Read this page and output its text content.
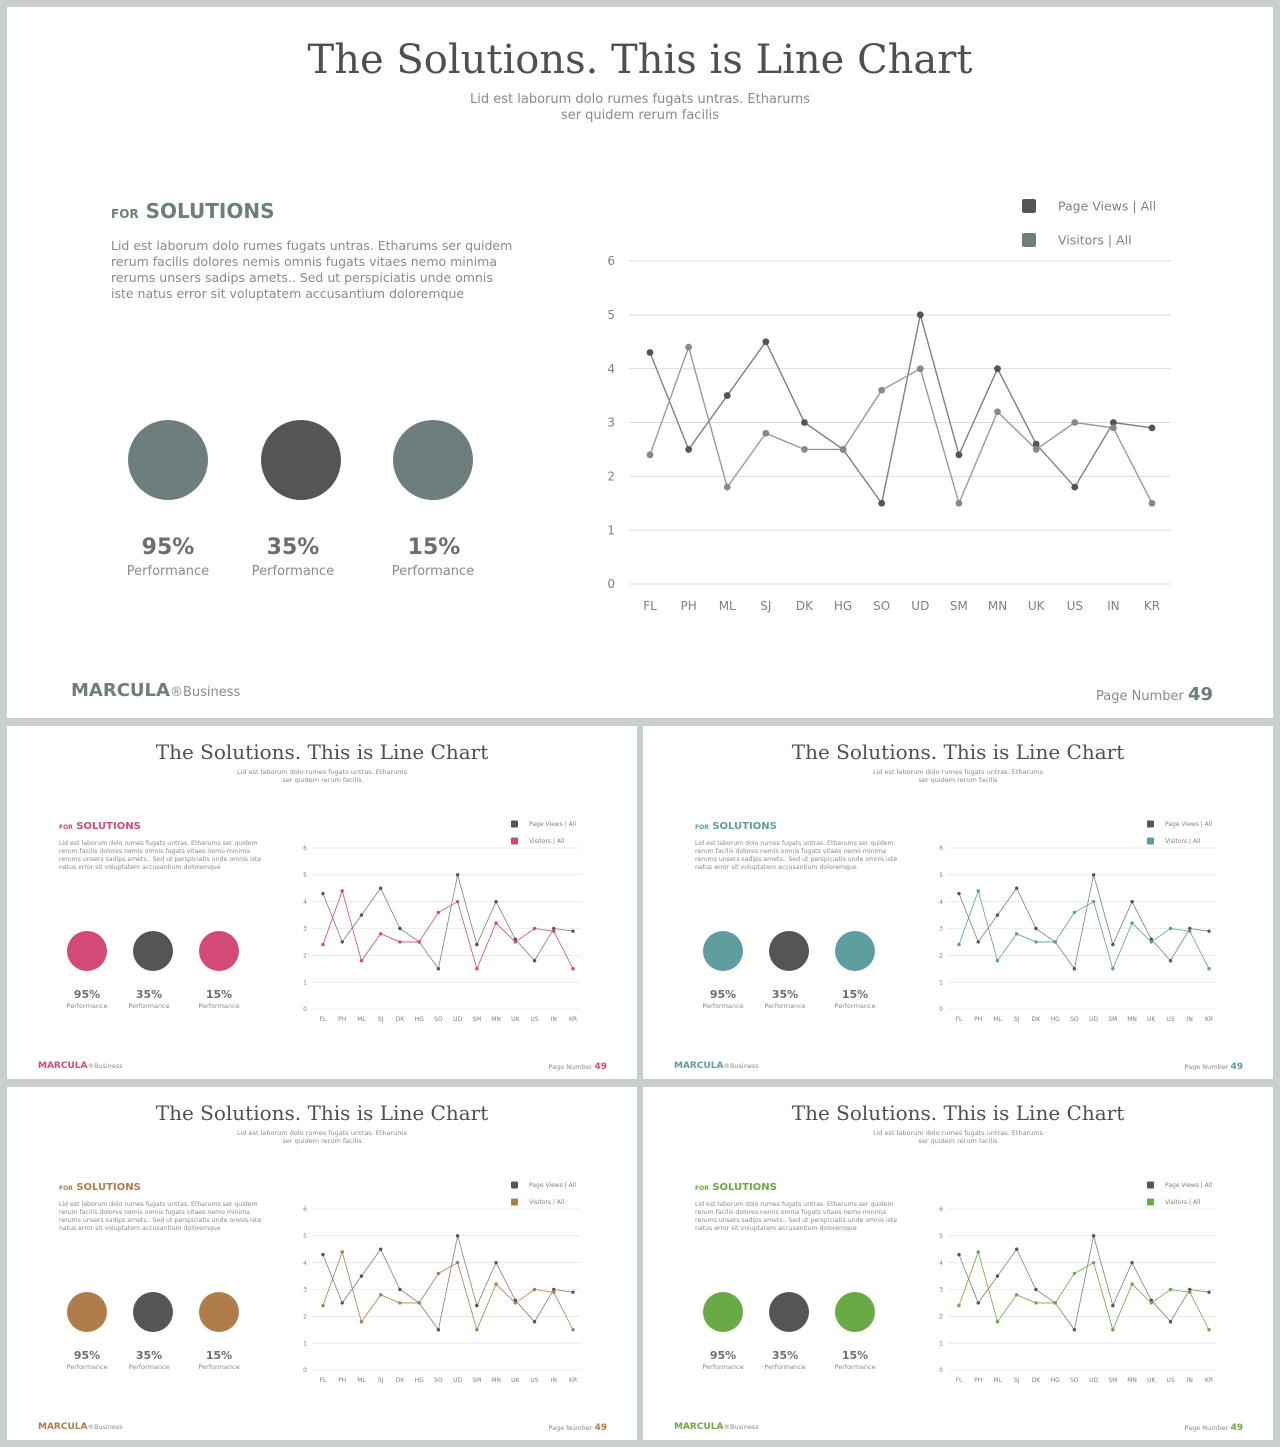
The Solutions. This is Line Chart
Lid est laborum dolo rumes fugats untras. Etharums
ser quidem rerum facilis
FOR SOLUTIONS
Lid est laborum dolo rumes fugats untras. Etharums ser quidem rerum facilis dolores nemis omnis fugats vitaes nemo minima rerums unsers sadips amets.. Sed ut perspiciatis unde omnis iste natus error sit voluptatem accusantium doloremque
95%	35%	15%
Performance	Performance	Performance
0
1
2
3
4
5
6
FL PH ML SJ DK HG SO UD SM MN UK US IN KR
Page Views | All
Visitors | All
MARCULA®Business	Page Number 49
The Solutions. This is Line Chart
Lid est laborum dolo rumes fugats untras. Etharums
ser quidem rerum facilis
FOR SOLUTIONS
Lid est laborum dolo rumes fugats untras. Etharums ser quidem rerum facilis dolores nemis omnis fugats vitaes nemo minima rerums unsers sadips amets.. Sed ut perspiciatis unde omnis iste natus error sit voluptatem accusantium doloremque
95%	35%	15%
Performance	Performance	Performance	0
1
2
3
4
5
6
FL PH ML SJ DK HG SO UD SM MN UK US IN KR
Page Views | All
Visitors | All
MARCULA®Business	Page Number 49
The Solutions. This is Line Chart
Lid est laborum dolo rumes fugats untras. Etharums
ser quidem rerum facilis
FOR SOLUTIONS
Lid est laborum dolo rumes fugats untras. Etharums ser quidem rerum facilis dolores nemis omnis fugats vitaes nemo minima rerums unsers sadips amets.. Sed ut perspiciatis unde omnis iste natus error sit voluptatem accusantium doloremque
95%	35%	15%
Performance	Performance	Performance	0
1
2
3
4
5
6
FL PH ML SJ DK HG SO UD SM MN UK US IN KR
Page Views | All
Visitors | All
MARCULA®Business	Page Number 49
The Solutions. This is Line Chart
Lid est laborum dolo rumes fugats untras. Etharums
ser quidem rerum facilis
FOR SOLUTIONS
Lid est laborum dolo rumes fugats untras. Etharums ser quidem rerum facilis dolores nemis omnis fugats vitaes nemo minima rerums unsers sadips amets.. Sed ut perspiciatis unde omnis iste natus error sit voluptatem accusantium doloremque
95%	35%	15%
Performance	Performance	Performance	0
1
2
3
4
5
6
FL PH ML SJ DK HG SO UD SM MN UK US IN KR
Page Views | All
Visitors | All
MARCULA®Business	Page Number 49
The Solutions. This is Line Chart
Lid est laborum dolo rumes fugats untras. Etharums
ser quidem rerum facilis
FOR SOLUTIONS
Lid est laborum dolo rumes fugats untras. Etharums ser quidem rerum facilis dolores nemis omnis fugats vitaes nemo minima rerums unsers sadips amets.. Sed ut perspiciatis unde omnis iste natus error sit voluptatem accusantium doloremque
95%	35%	15%
Performance	Performance	Performance	0
1
2
3
4
5
6
FL PH ML SJ DK HG SO UD SM MN UK US IN KR
Page Views | All
Visitors | All
MARCULA®Business	Page Number 49
